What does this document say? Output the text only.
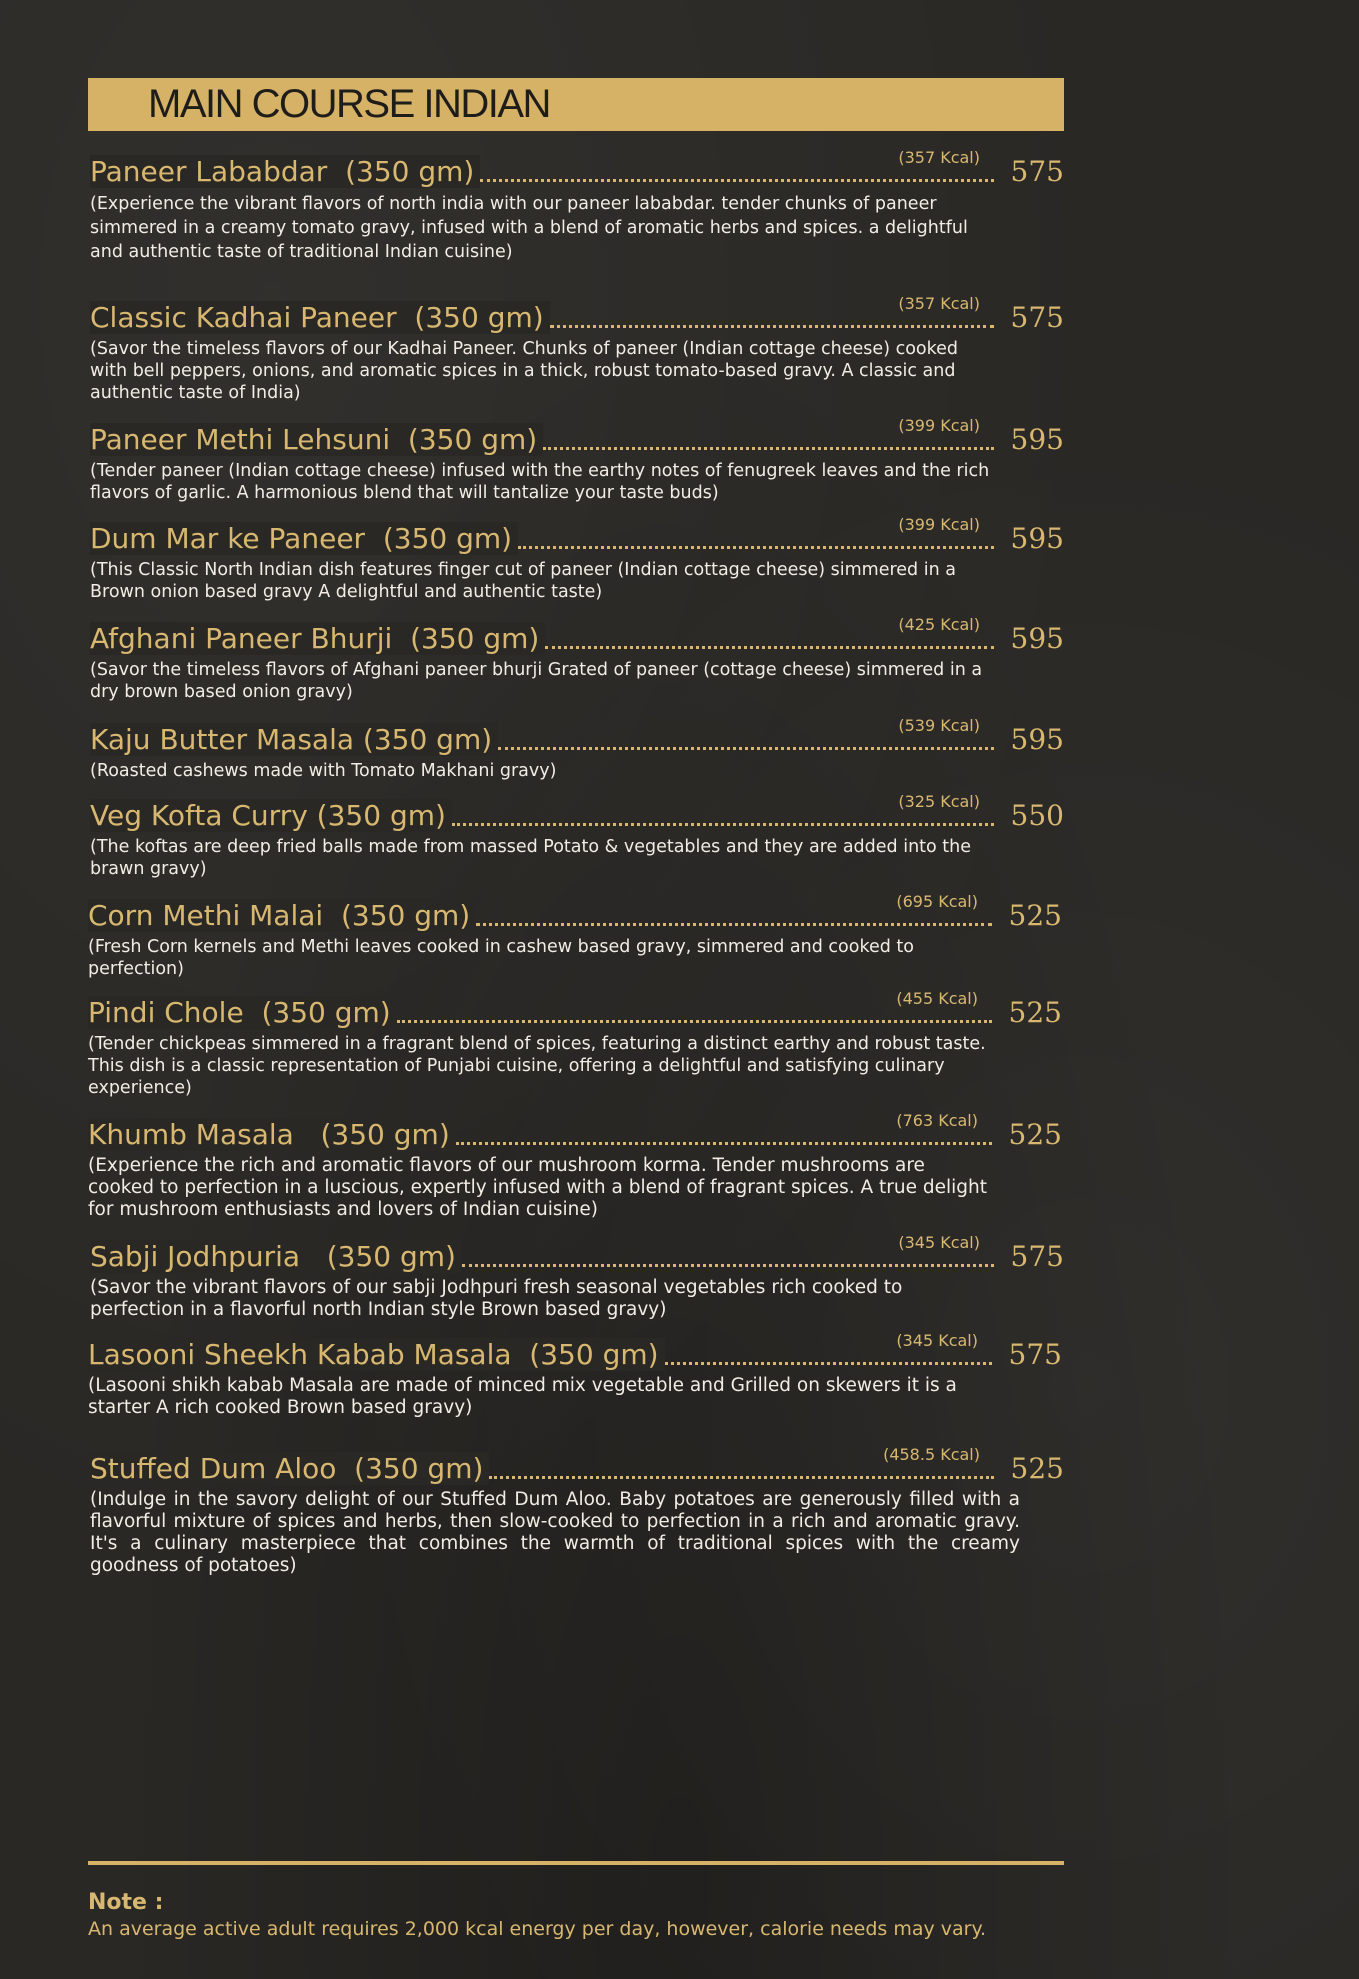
MAIN COURSE INDIAN
Paneer Lababdar  (350 gm)	(357 Kcal) 575
(Experience the vibrant flavors of north india with our paneer lababdar. tender chunks of paneer simmered in a creamy tomato gravy, infused with a blend of aromatic herbs and spices. a delightful and authentic taste of traditional Indian cuisine)
Classic Kadhai Paneer  (350 gm)	(357 Kcal) 575
(Savor the timeless flavors of our Kadhai Paneer. Chunks of paneer (Indian cottage cheese) cooked with bell peppers, onions, and aromatic spices in a thick, robust tomato-based gravy. A classic and authentic taste of India)
Paneer Methi Lehsuni  (350 gm)	(399 Kcal) 595
(Tender paneer (Indian cottage cheese) infused with the earthy notes of fenugreek leaves and the rich flavors of garlic. A harmonious blend that will tantalize your taste buds)
Dum Mar ke Paneer  (350 gm)	(399 Kcal) 595
(This Classic North Indian dish features finger cut of paneer (Indian cottage cheese) simmered in a Brown onion based gravy A delightful and authentic taste)
Afghani Paneer Bhurji  (350 gm)	(425 Kcal) 595
(Savor the timeless flavors of Afghani paneer bhurji Grated of paneer (cottage cheese) simmered in a dry brown based onion gravy)
Kaju Butter Masala (350 gm)	(539 Kcal) 595
(Roasted cashews made with Tomato Makhani gravy)
Veg Kofta Curry (350 gm)	(325 Kcal) 550
(The koftas are deep fried balls made from massed Potato & vegetables and they are added into the brawn gravy)
Corn Methi Malai  (350 gm)	(695 Kcal) 525
(Fresh Corn kernels and Methi leaves cooked in cashew based gravy, simmered and cooked to perfection)
Pindi Chole  (350 gm)	(455 Kcal) 525
(Tender chickpeas simmered in a fragrant blend of spices, featuring a distinct earthy and robust taste. This dish is a classic representation of Punjabi cuisine, offering a delightful and satisfying culinary experience)
Khumb Masala   (350 gm)	(763 Kcal) 525
(Experience the rich and aromatic flavors of our mushroom korma. Tender mushrooms are cooked to perfection in a luscious, expertly infused with a blend of fragrant spices. A true delight for mushroom enthusiasts and lovers of Indian cuisine)
Sabji Jodhpuria   (350 gm)	(345 Kcal) 575
(Savor the vibrant flavors of our sabji Jodhpuri fresh seasonal vegetables rich cooked to perfection in a flavorful north Indian style Brown based gravy)
Lasooni Sheekh Kabab Masala  (350 gm)	(345 Kcal) 575
(Lasooni shikh kabab Masala are made of minced mix vegetable and Grilled on skewers it is a starter A rich cooked Brown based gravy)
Stuffed Dum Aloo  (350 gm)	(458.5 Kcal) 525
(Indulge in the savory delight of our Stuffed Dum Aloo. Baby potatoes are generously filled with a flavorful mixture of spices and herbs, then slow-cooked to perfection in a rich and aromatic gravy. It's a culinary masterpiece that combines the warmth of traditional spices with the creamy goodness of potatoes)
Note :
An average active adult requires 2,000 kcal energy per day, however, calorie needs may vary.
